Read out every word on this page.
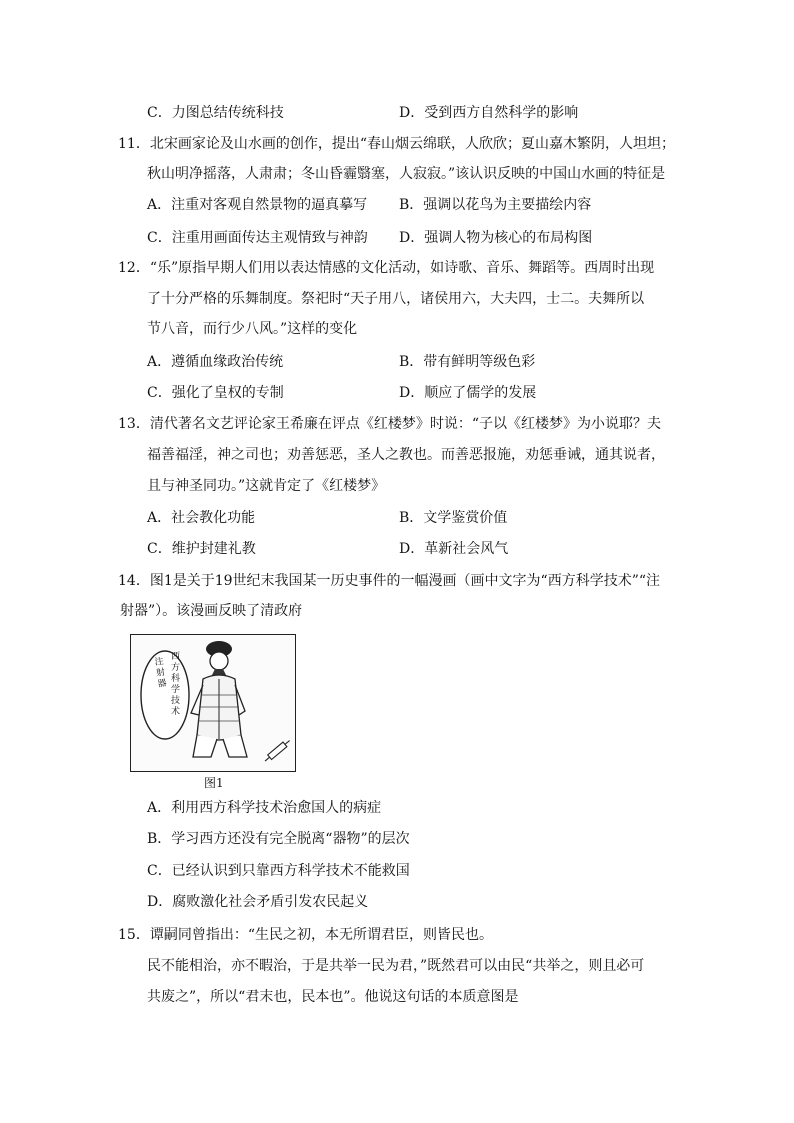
C．力图总结传统科技	D．受到西方自然科学的影响
11．北宋画家论及山水画的创作，提出“春山烟云绵联，人欣欣；夏山嘉木繁阴，人坦坦；
秋山明净摇落，人肃肃；冬山昏霾翳塞，人寂寂。”该认识反映的中国山水画的特征是
A．注重对客观自然景物的逼真摹写 B．强调以花鸟为主要描绘内容
C．注重用画面传达主观情致与神韵 D．强调人物为核心的布局构图
12．“乐”原指早期人们用以表达情感的文化活动，如诗歌、音乐、舞蹈等。西周时出现
了十分严格的乐舞制度。祭祀时“天子用八，诸侯用六，大夫四，士二。夫舞所以
节八音，而行少八风。”这样的变化
A．遵循血缘政治传统	B．带有鲜明等级色彩
C．强化了皇权的专制	D．顺应了儒学的发展
13．清代著名文艺评论家王希廉在评点《红楼梦》时说：“子以《红楼梦》为小说耶？夫
福善福淫，神之司也；劝善惩恶，圣人之教也。而善恶报施，劝惩垂诫，通其说者，
且与神圣同功。”这就肯定了《红楼梦》
A．社会教化功能	B．文学鉴赏价值
C．维护封建礼教	D．革新社会风气
14．图1是关于19世纪末我国某一历史事件的一幅漫画（画中文字为“西方科学技术”“注
射器”）。该漫画反映了清政府
注射器
西方科学技术
图1
A．利用西方科学技术治愈国人的病症
B．学习西方还没有完全脱离“器物”的层次
C．已经认识到只靠西方科学技术不能救国
D．腐败激化社会矛盾引发农民起义
15．谭嗣同曾指出：“生民之初，本无所谓君臣，则皆民也。
民不能相治，亦不暇治，于是共举一民为君，”既然君可以由民“共举之，则且必可
共废之”，所以“君末也，民本也”。他说这句话的本质意图是
